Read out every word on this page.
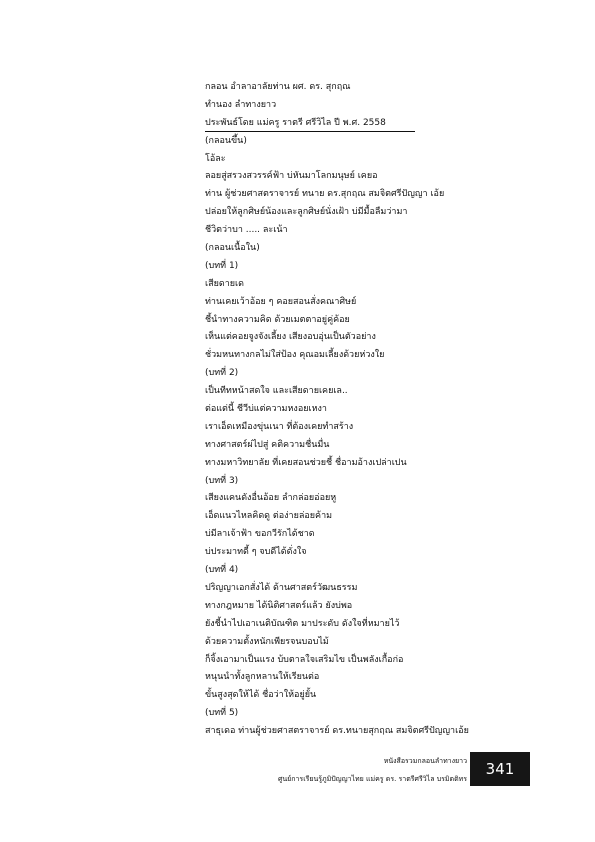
กลอน อำลาอาลัยท่าน ผศ. ดร. สุกฤณ
ทำนอง ลำทางยาว
ประพันธ์โดย แม่ครู ราตรี ศรีวิไล ปี พ.ศ. 2558
(กลอนขึ้น)
โอ้ละ
ลอยสู่สรวงสวรรค์ฟ้า บ่หันมาโลกมนุษย์ เคยอ
ท่าน ผู้ช่วยศาสตราจารย์ ทนาย ดร.สุกฤณ สมจิตศรีปัญญา เอ้ย
ปล่อยให้ลูกศิษย์น้องและลูกศิษย์นั่งเฝ้า บ่มีมื้อลืมว่ามา
ชีวิตว่าบา ..... ละเน้า
(กลอนเนื้อใน)
(บทที่ 1)
เสียดายเด
ท่านเคยเว้าอ้อย ๆ คอยสอนสั่งคณาศิษย์
ชี้นำทางความคิด ด้วยเมตตาอยู่คู่ค้อย
เห็นแต่คอยจูงจังเลี้ยง เสียงอบอุ่นเป็นตัวอย่าง
ชั่วมหนทางกลไม่ใส่ป้อง คุณอมเลี้ยงด้วยห่วงใย
(บทที่ 2)
เป็นทีทหน้าสดใจ และเสียดายเคยเล..
ต่อแต่นี้ ชีวีบ่แต่ความหงอยเหงา
เราเอ็ดเหมืองขุ่นเนา ที่ต้องเคยทำสร้าง
ทางศาสตร์ผ่ไปสู่ คติความชื่นมื่น
ทางมหาวิทยาลัย ที่เคยสอนช่วยชี้ ชื่อามอ้างเปล่าเปน
(บทที่ 3)
เสียงแคนดังอื่นอ้อย ลำกล่อยอ่อยหู
เอ็ดแนวไหลคิดดู ต่อง่ายล่อยค้าม
บ่มีลาเจ้าฟ้า ขอกวีรักได้ชาด
บ่ประมาทดี้ ๆ จบดีได้ดั่งใจ
(บทที่ 4)
ปริญญาเอกสั่งได้ ด้านศาสตร์วัฒนธรรม
ทางกฎหมาย ได้นิติศาสตร์แล้ว ยังบ่พอ
ยังชี้นำไปเอาเนติบัณฑิต มาประดับ ดังใจที่หมายไว้
ด้วยความตั้งหนักเพียรจนบอบไม้
ก็จิ้งเอามาเป็นแรง บ้บตาลใจเสริมไข เป็นพลังเกื้อก่อ
หนุนนำทั้งลูกหลานให้เรียนต่อ
ขั้นสูงสุดให้ได้ ชื่อว่าให้อยู่ยั้น
(บทที่ 5)
สาธุเดอ ท่านผู้ช่วยศาสตราจารย์ ดร.ทนายสุกฤณ สมจิตศรีปัญญาเอ้ย
หนังสือรวมกลอนลำทางยาว
ศูนย์การเรียนรู้ภูมิปัญญาไทย แม่ครู ดร. ราตรีศรีวิไล บรมิตติทร
341
